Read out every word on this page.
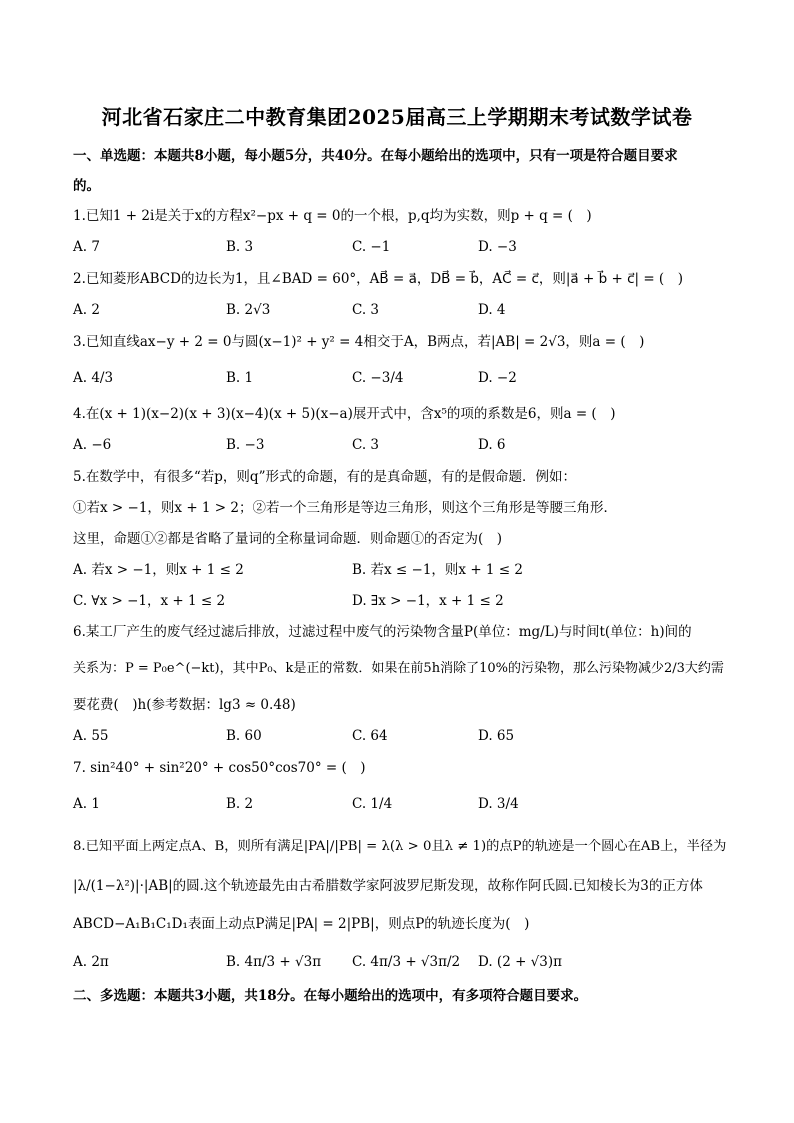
河北省石家庄二中教育集团2025届高三上学期期末考试数学试卷
一、单选题：本题共8小题，每小题5分，共40分。在每小题给出的选项中，只有一项是符合题目要求
的。
1.已知1 + 2i是关于x的方程x²−px + q = 0的一个根，p,q均为实数，则p + q = (　)
A. 7	B. 3	C. −1	D. −3
2.已知菱形ABCD的边长为1，且∠BAD = 60°，AB⃗ = a⃗，DB⃗ = b⃗，AC⃗ = c⃗，则|a⃗ + b⃗ + c⃗| = (　)
A. 2	B. 2√3	C. 3	D. 4
3.已知直线ax−y + 2 = 0与圆(x−1)² + y² = 4相交于A，B两点，若|AB| = 2√3，则a = (　)
A. 4/3	B. 1	C. −3/4	D. −2
4.在(x + 1)(x−2)(x + 3)(x−4)(x + 5)(x−a)展开式中，含x⁵的项的系数是6，则a = (　)
A. −6	B. −3	C. 3	D. 6
5.在数学中，有很多“若p，则q”形式的命题，有的是真命题，有的是假命题．例如：
①若x > −1，则x + 1 > 2；②若一个三角形是等边三角形，则这个三角形是等腰三角形．
这里，命题①②都是省略了量词的全称量词命题．则命题①的否定为(　)
A. 若x > −1，则x + 1 ≤ 2	B. 若x ≤ −1，则x + 1 ≤ 2
C. ∀x > −1，x + 1 ≤ 2	D. ∃x > −1，x + 1 ≤ 2
6.某工厂产生的废气经过滤后排放，过滤过程中废气的污染物含量P(单位：mg/L)与时间t(单位：h)间的
关系为：P = P₀e^(−kt)，其中P₀、k是正的常数．如果在前5h消除了10%的污染物，那么污染物减少2/3大约需
要花费(　)h(参考数据：lg3 ≈ 0.48)
A. 55	B. 60	C. 64	D. 65
7. sin²40° + sin²20° + cos50°cos70° = (　)
A. 1	B. 2	C. 1/4	D. 3/4
8.已知平面上两定点A、B，则所有满足|PA|/|PB| = λ(λ > 0且λ ≠ 1)的点P的轨迹是一个圆心在AB上，半径为
|λ/(1−λ²)|·|AB|的圆.这个轨迹最先由古希腊数学家阿波罗尼斯发现，故称作阿氏圆.已知棱长为3的正方体
ABCD−A₁B₁C₁D₁表面上动点P满足|PA| = 2|PB|，则点P的轨迹长度为(　)
A. 2π	B. 4π/3 + √3π C. 4π/3 + √3π/2 D. (2 + √3)π
二、多选题：本题共3小题，共18分。在每小题给出的选项中，有多项符合题目要求。
